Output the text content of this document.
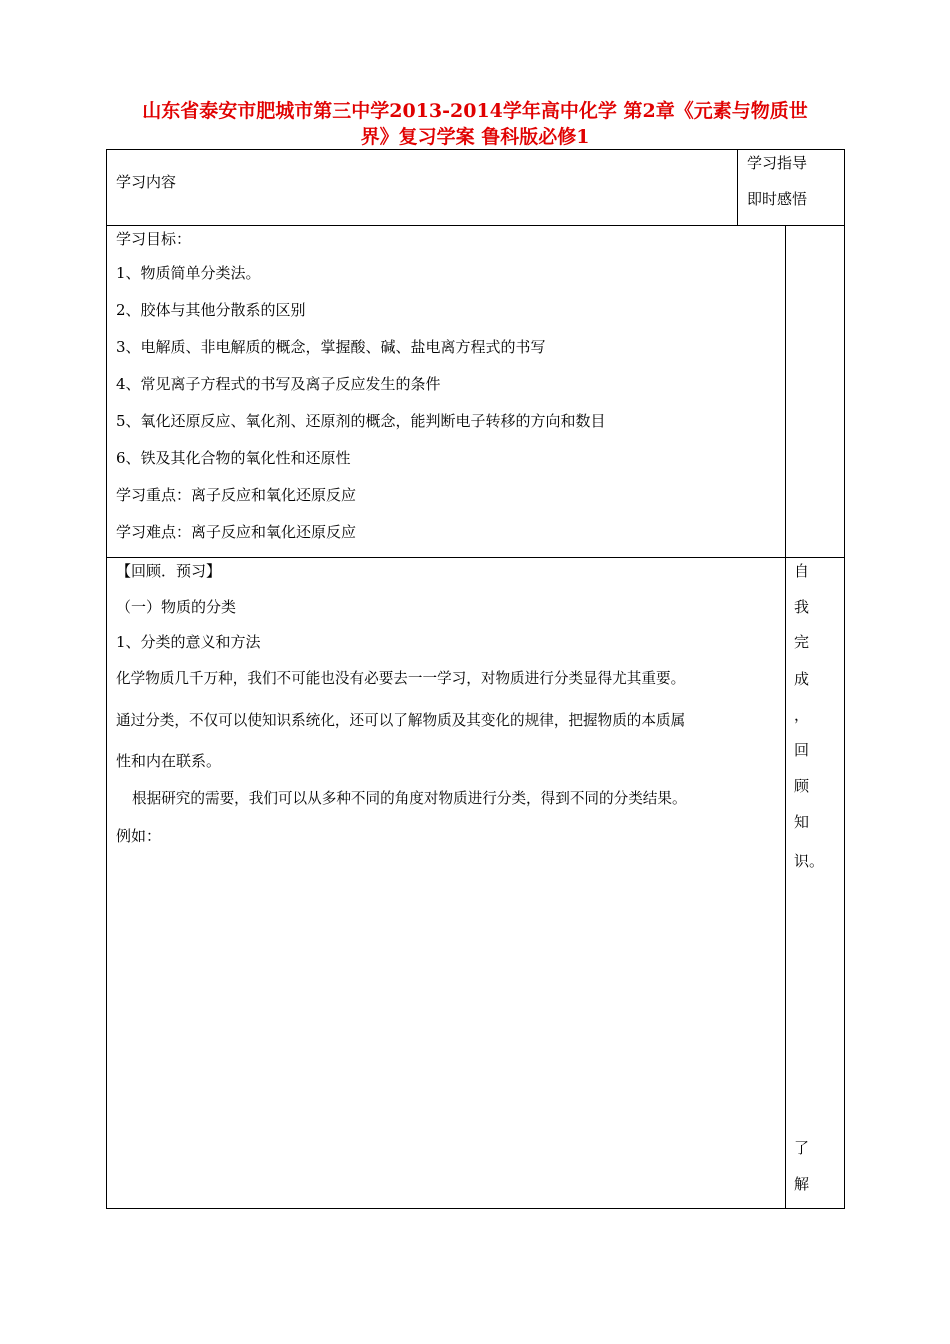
山东省泰安市肥城市第三中学2013-2014学年高中化学 第2章《元素与物质世
界》复习学案 鲁科版必修1
学习内容
学习指导
即时感悟
学习目标：
1、物质简单分类法。
2、胶体与其他分散系的区别
3、电解质、非电解质的概念，掌握酸、碱、盐电离方程式的书写
4、常见离子方程式的书写及离子反应发生的条件
5、氧化还原反应、氧化剂、还原剂的概念，能判断电子转移的方向和数目
6、铁及其化合物的氧化性和还原性
学习重点：离子反应和氧化还原反应
学习难点：离子反应和氧化还原反应
【回顾．预习】
（一）物质的分类
1、分类的意义和方法
化学物质几千万种，我们不可能也没有必要去一一学习，对物质进行分类显得尤其重要。
通过分类，不仅可以使知识系统化，还可以了解物质及其变化的规律，把握物质的本质属
性和内在联系。
根据研究的需要，我们可以从多种不同的角度对物质进行分类，得到不同的分类结果。
例如：
自
我
完
成
，
回
顾
知
识。
了
解
